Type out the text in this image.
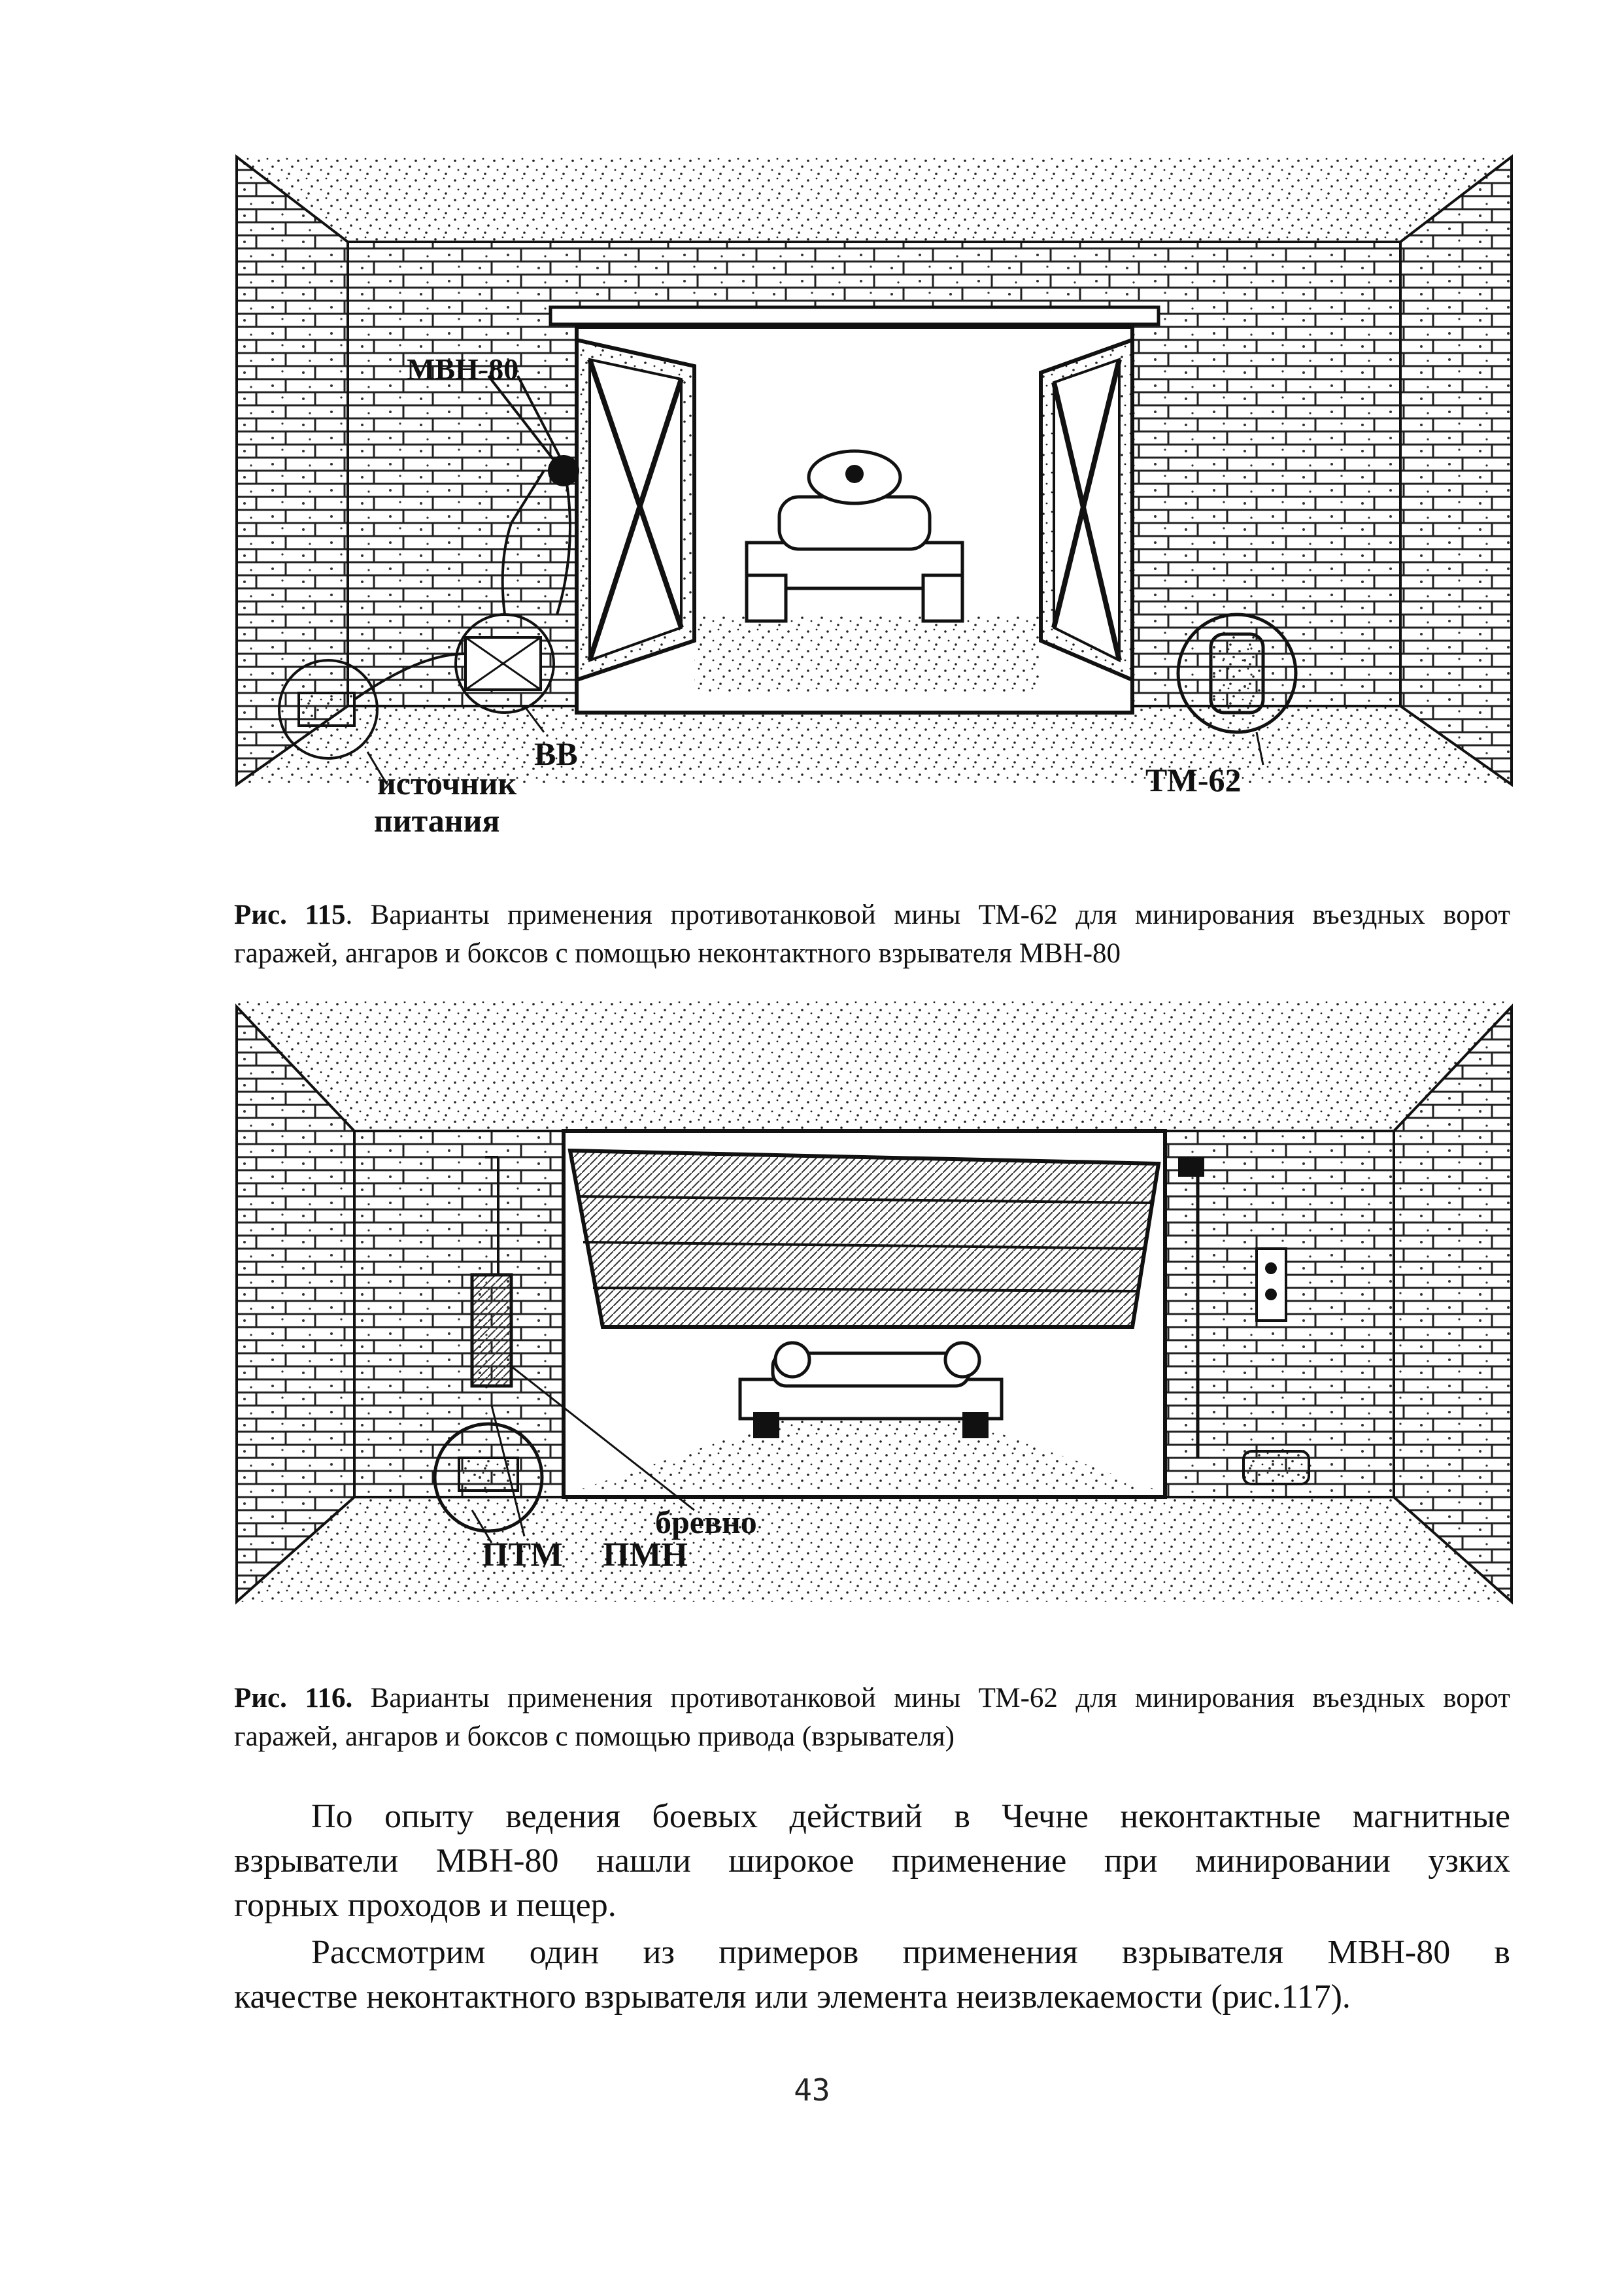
МВН-80
ВВ
ТМ-62
источник
питания
Рис. 115. Варианты применения противотанковой мины ТМ-62 для минирования въездных ворот гаражей, ангаров и боксов с помощью неконтактного взрывателя МВН-80
бревно
ПТМ ПМН
Рис. 116. Варианты применения противотанковой мины ТМ-62 для минирования въездных ворот гаражей, ангаров и боксов с помощью привода (взрывателя)
По опыту ведения боевых действий в Чечне неконтактные магнитные
взрыватели МВН-80 нашли широкое применение при минировании узких
горных проходов и пещер.
Рассмотрим один из примеров применения взрывателя МВН-80 в
качестве неконтактного взрывателя или элемента неизвлекаемости (рис.117).
43
